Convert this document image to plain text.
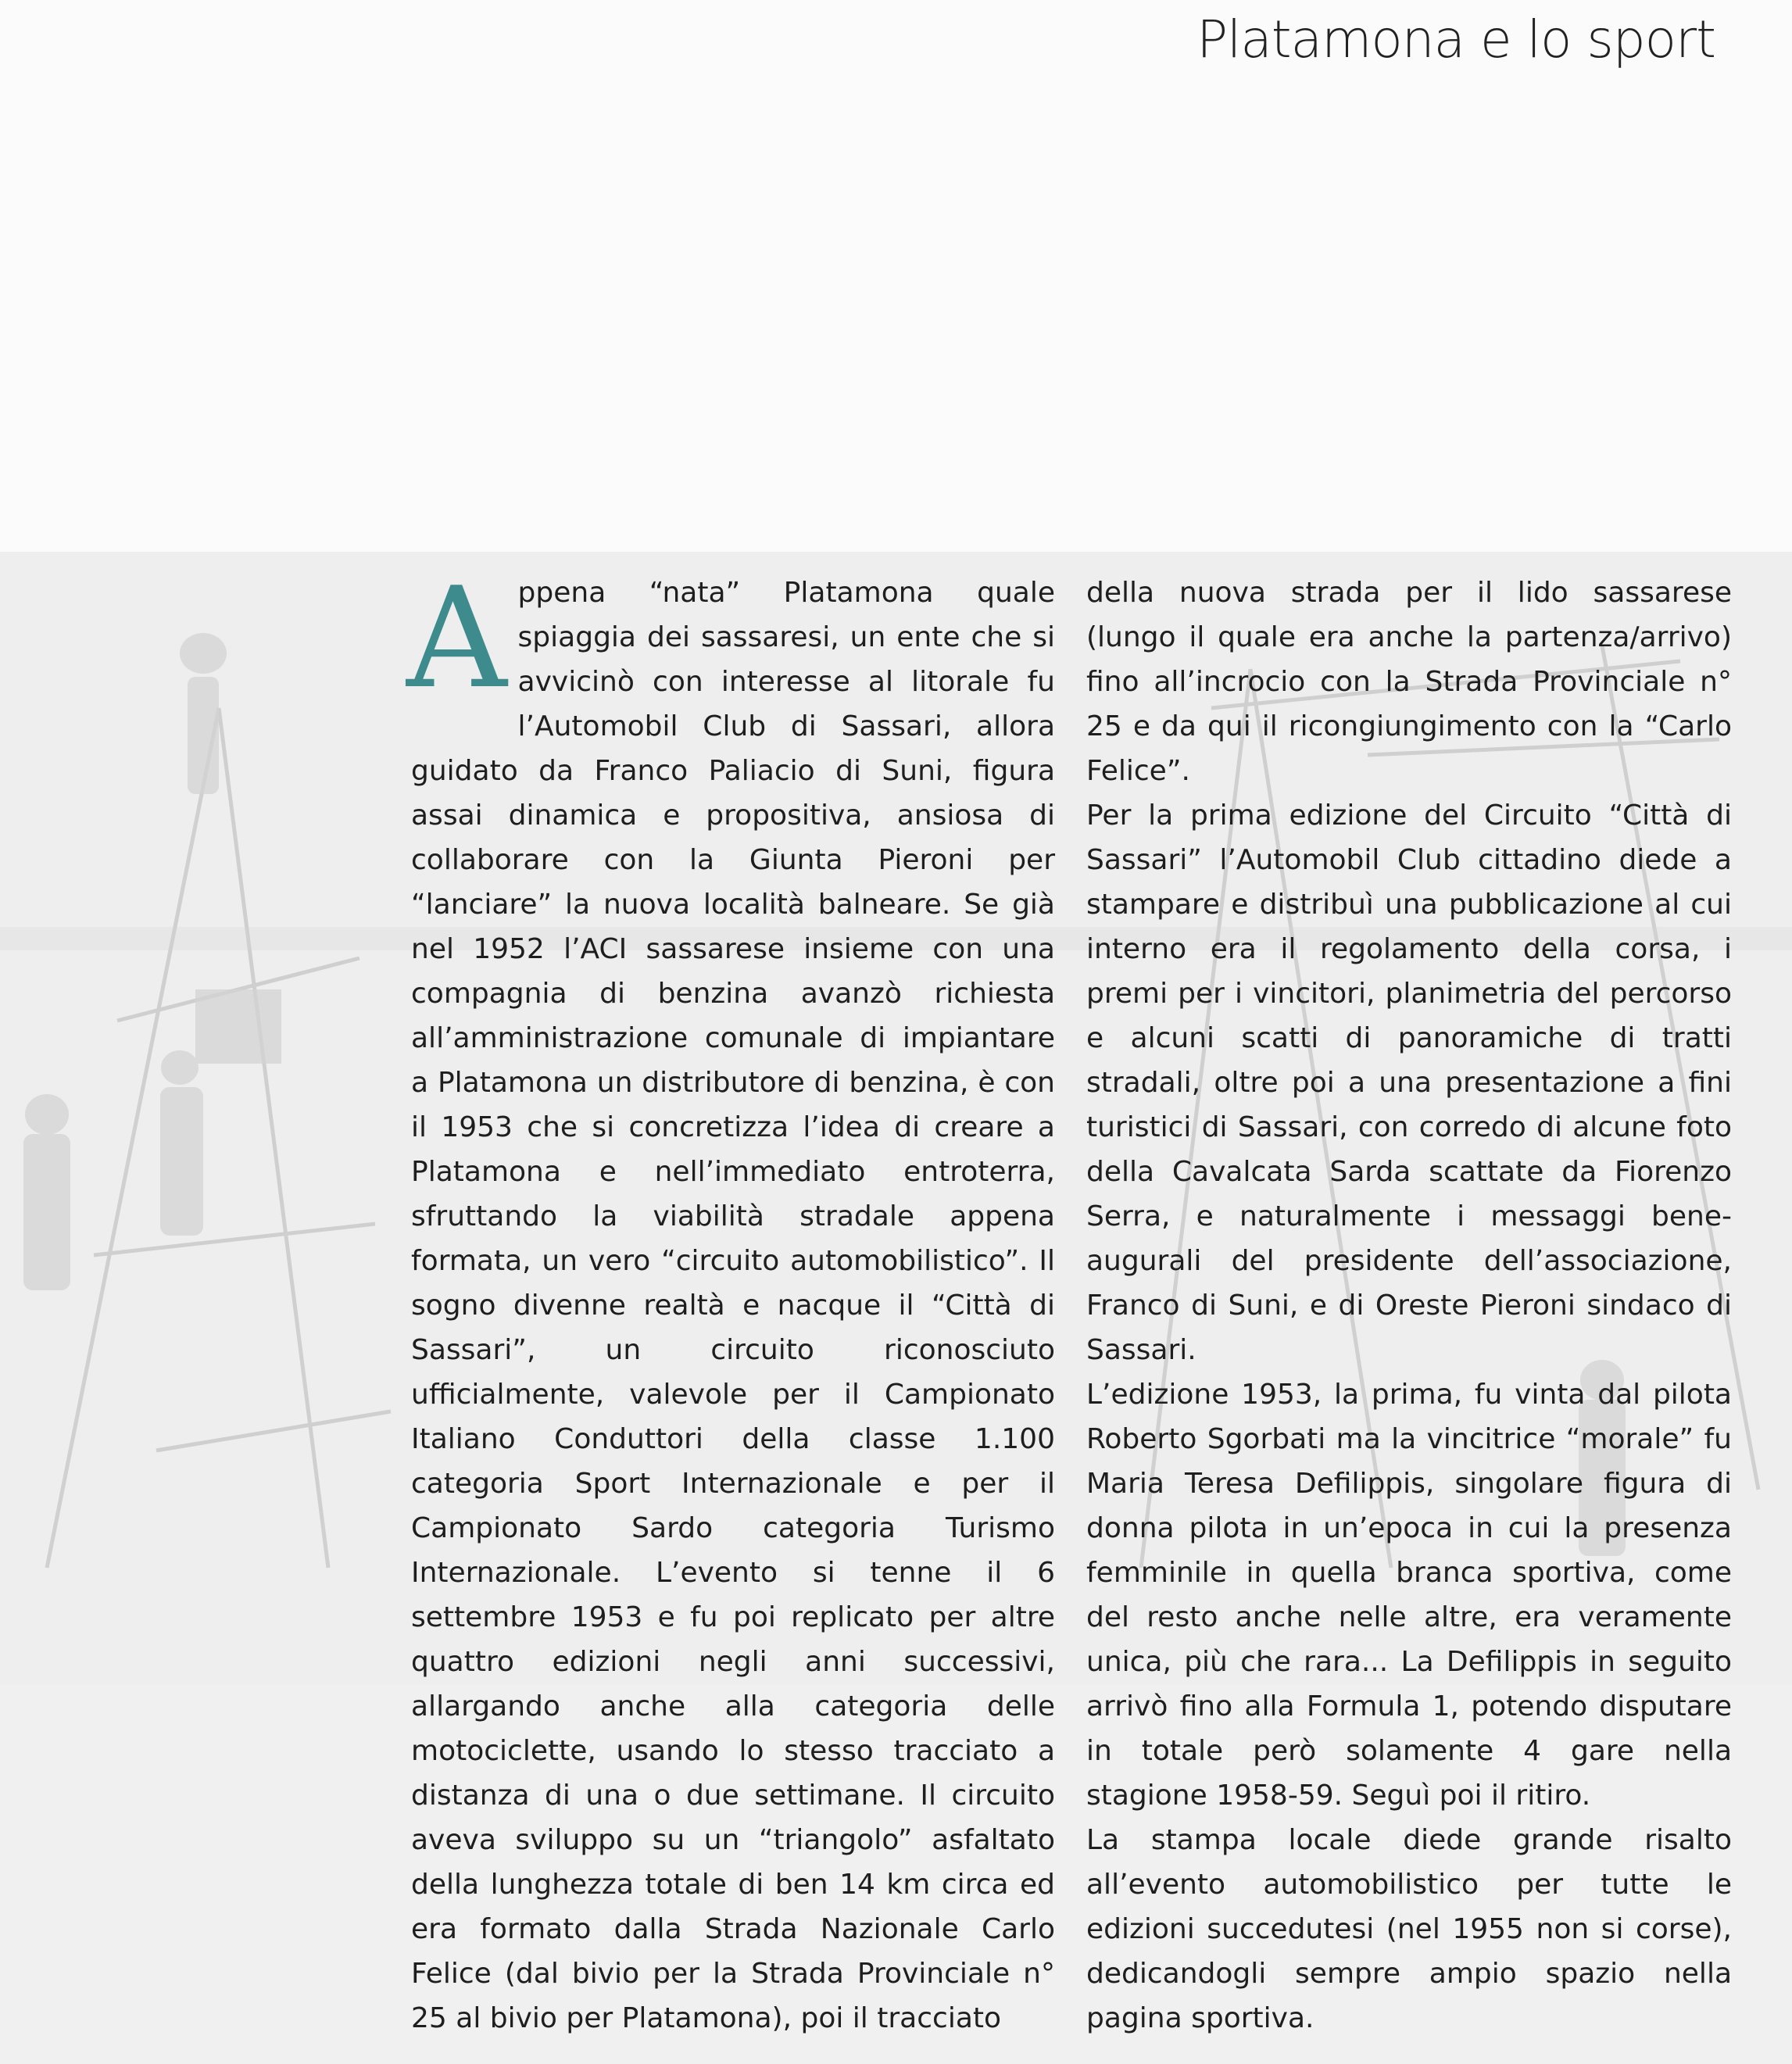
Platamona e lo sport
A ppena “nata” Platamona quale spiaggia dei sassaresi, un ente che si avvicinò con interesse al litorale fu l’Automobil Club di Sassari, allora guidato da Franco Paliacio di Suni, figura assai dinamica e propositiva, ansiosa di collaborare con la Giunta Pieroni per “lanciare” la nuova località balneare. Se già nel 1952 l’ACI sassarese insieme con una compagnia di benzina avanzò richiesta all’amministrazione comunale di impiantare a Platamona un distributore di benzina, è con il 1953 che si concretizza l’idea di creare a Platamona e nell’immediato entroterra, sfruttando la viabilità stradale appena formata, un vero “circuito automobilistico”. Il sogno divenne realtà e nacque il “Città di Sassari”, un circuito riconosciuto ufficialmente, valevole per il Campionato Italiano Conduttori della classe 1.100 categoria Sport Internazionale e per il Campionato Sardo categoria Turismo Internazionale. L’evento si tenne il 6 settembre 1953 e fu poi replicato per altre quattro edizioni negli anni successivi, allargando anche alla categoria delle motociclette, usando lo stesso tracciato a distanza di una o due settimane. Il circuito aveva sviluppo su un “triangolo” asfaltato della lunghezza totale di ben 14 km circa ed era formato dalla Strada Nazionale Carlo Felice (dal bivio per la Strada Provinciale n° 25 al bivio per Platamona), poi il tracciato

della nuova strada per il lido sassarese (lungo il quale era anche la partenza/arrivo) fino all’incrocio con la Strada Provinciale n° 25 e da qui il ricongiungimento con la “Carlo Felice”.

Per la prima edizione del Circuito “Città di Sassari” l’Automobil Club cittadino diede a stampare e distribuì una pubblicazione al cui interno era il regolamento della corsa, i premi per i vincitori, planimetria del percorso e alcuni scatti di panoramiche di tratti stradali, oltre poi a una presentazione a fini turistici di Sassari, con corredo di alcune foto della Cavalcata Sarda scattate da Fiorenzo Serra, e naturalmente i messaggi bene-augurali del presidente dell’associazione, Franco di Suni, e di Oreste Pieroni sindaco di Sassari.

L’edizione 1953, la prima, fu vinta dal pilota Roberto Sgorbati ma la vincitrice “morale” fu Maria Teresa Defilippis, singolare figura di donna pilota in un’epoca in cui la presenza femminile in quella branca sportiva, come del resto anche nelle altre, era veramente unica, più che rara... La Defilippis in seguito arrivò fino alla Formula 1, potendo disputare in totale però solamente 4 gare nella stagione 1958-59. Seguì poi il ritiro.

La stampa locale diede grande risalto all’evento automobilistico per tutte le edizioni succedutesi (nel 1955 non si corse), dedicandogli sempre ampio spazio nella pagina sportiva.
